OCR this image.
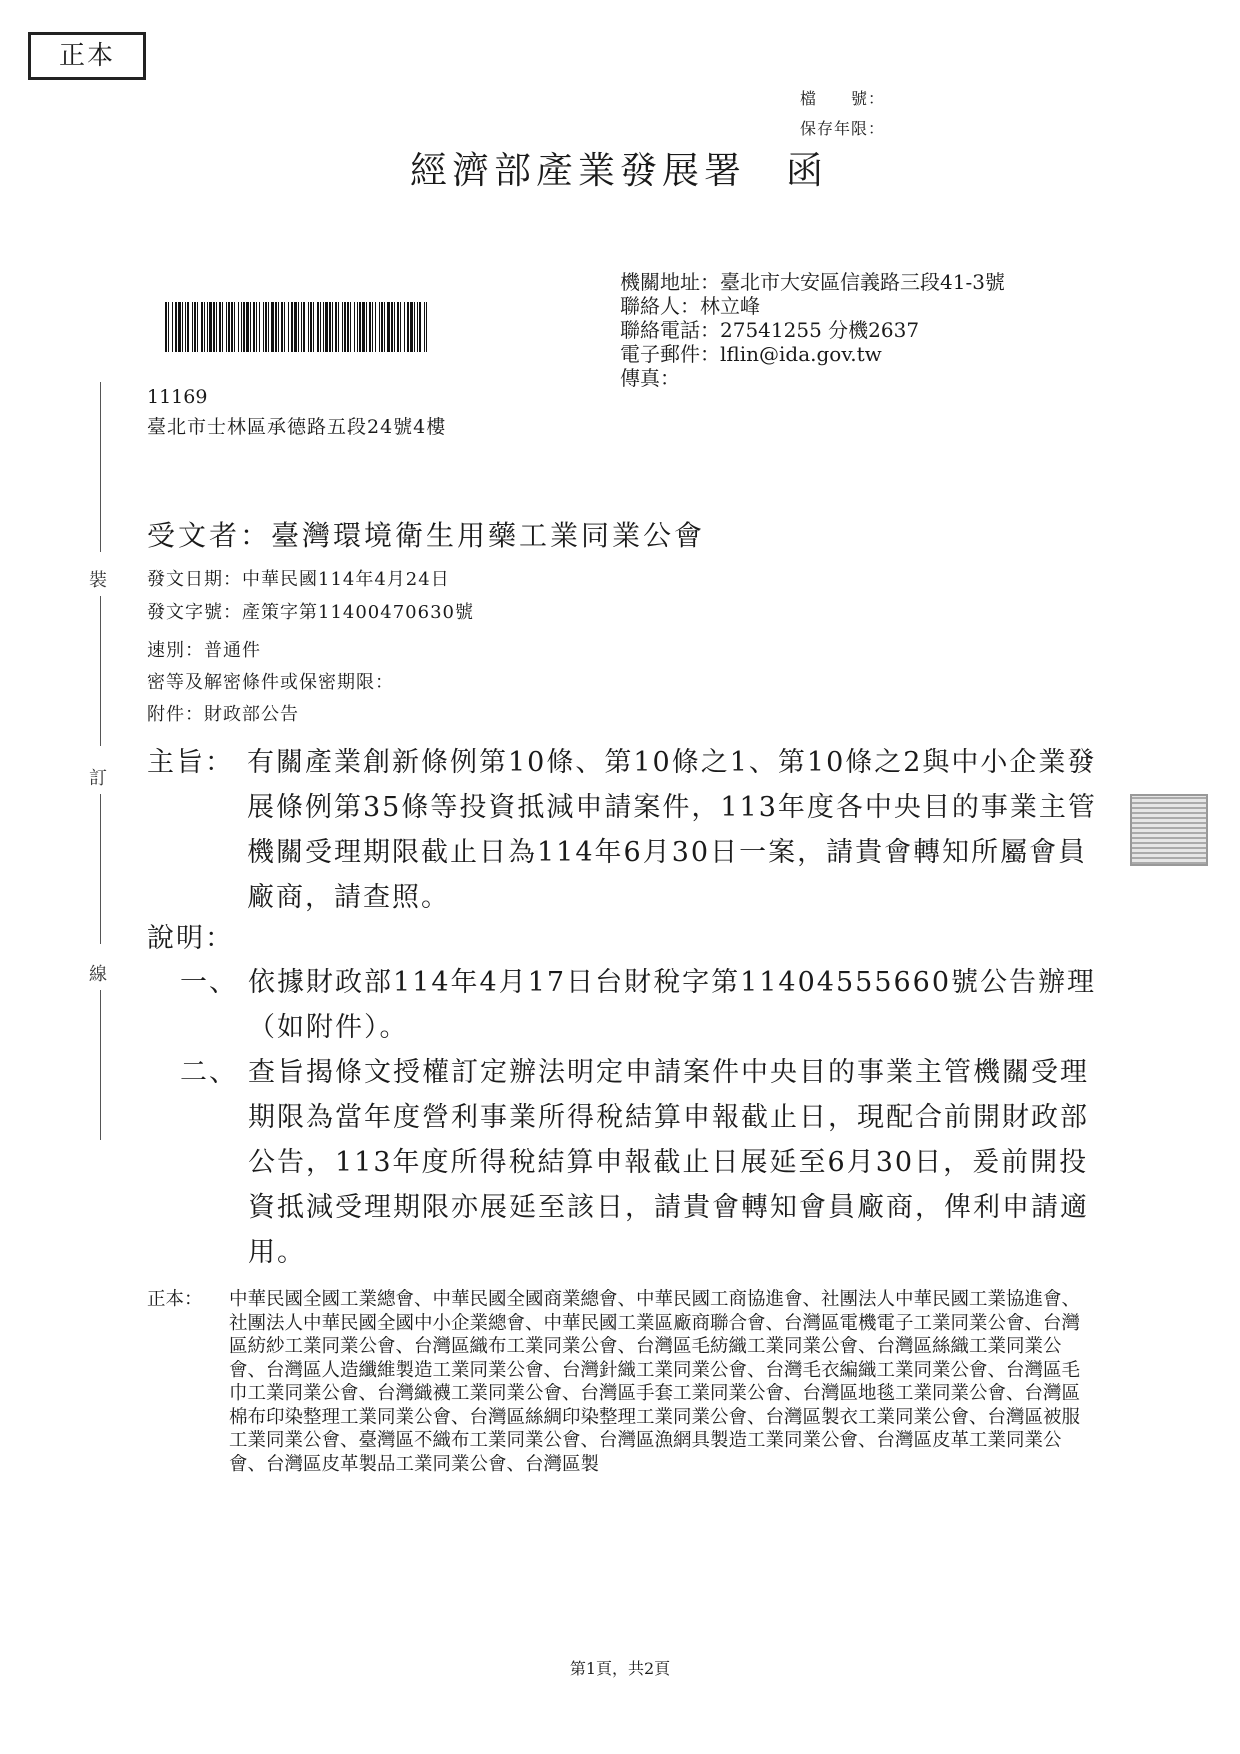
正本
檔　　號：
保存年限：
經濟部產業發展署 函
機關地址：臺北市大安區信義路三段41-3號
聯絡人：林立峰
聯絡電話：27541255 分機2637
電子郵件：lflin@ida.gov.tw
傳真：
裝
訂
線
11169
臺北市士林區承德路五段24號4樓
受文者：臺灣環境衛生用藥工業同業公會
發文日期：中華民國114年4月24日
發文字號：產策字第11400470630號
速別：普通件
密等及解密條件或保密期限：
附件：財政部公告
主旨： 有關產業創新條例第10條、第10條之1、第10條之2與中小企業發展條例第35條等投資抵減申請案件，113年度各中央目的事業主管機關受理期限截止日為114年6月30日一案，請貴會轉知所屬會員廠商，請查照。
說明：
一、 依據財政部114年4月17日台財稅字第11404555660號公告辦理（如附件）。
二、 查旨揭條文授權訂定辦法明定申請案件中央目的事業主管機關受理期限為當年度營利事業所得稅結算申報截止日，現配合前開財政部公告，113年度所得稅結算申報截止日展延至6月30日，爰前開投資抵減受理期限亦展延至該日，請貴會轉知會員廠商，俾利申請適用。
正本：	中華民國全國工業總會、中華民國全國商業總會、中華民國工商協進會、社團法人中華民國工業協進會、社團法人中華民國全國中小企業總會、中華民國工業區廠商聯合會、台灣區電機電子工業同業公會、台灣區紡紗工業同業公會、台灣區織布工業同業公會、台灣區毛紡織工業同業公會、台灣區絲織工業同業公會、台灣區人造纖維製造工業同業公會、台灣針織工業同業公會、台灣毛衣編織工業同業公會、台灣區毛巾工業同業公會、台灣織襪工業同業公會、台灣區手套工業同業公會、台灣區地毯工業同業公會、台灣區棉布印染整理工業同業公會、台灣區絲綢印染整理工業同業公會、台灣區製衣工業同業公會、台灣區被服工業同業公會、臺灣區不織布工業同業公會、台灣區漁網具製造工業同業公會、台灣區皮革工業同業公會、台灣區皮革製品工業同業公會、台灣區製
第1頁，共2頁
